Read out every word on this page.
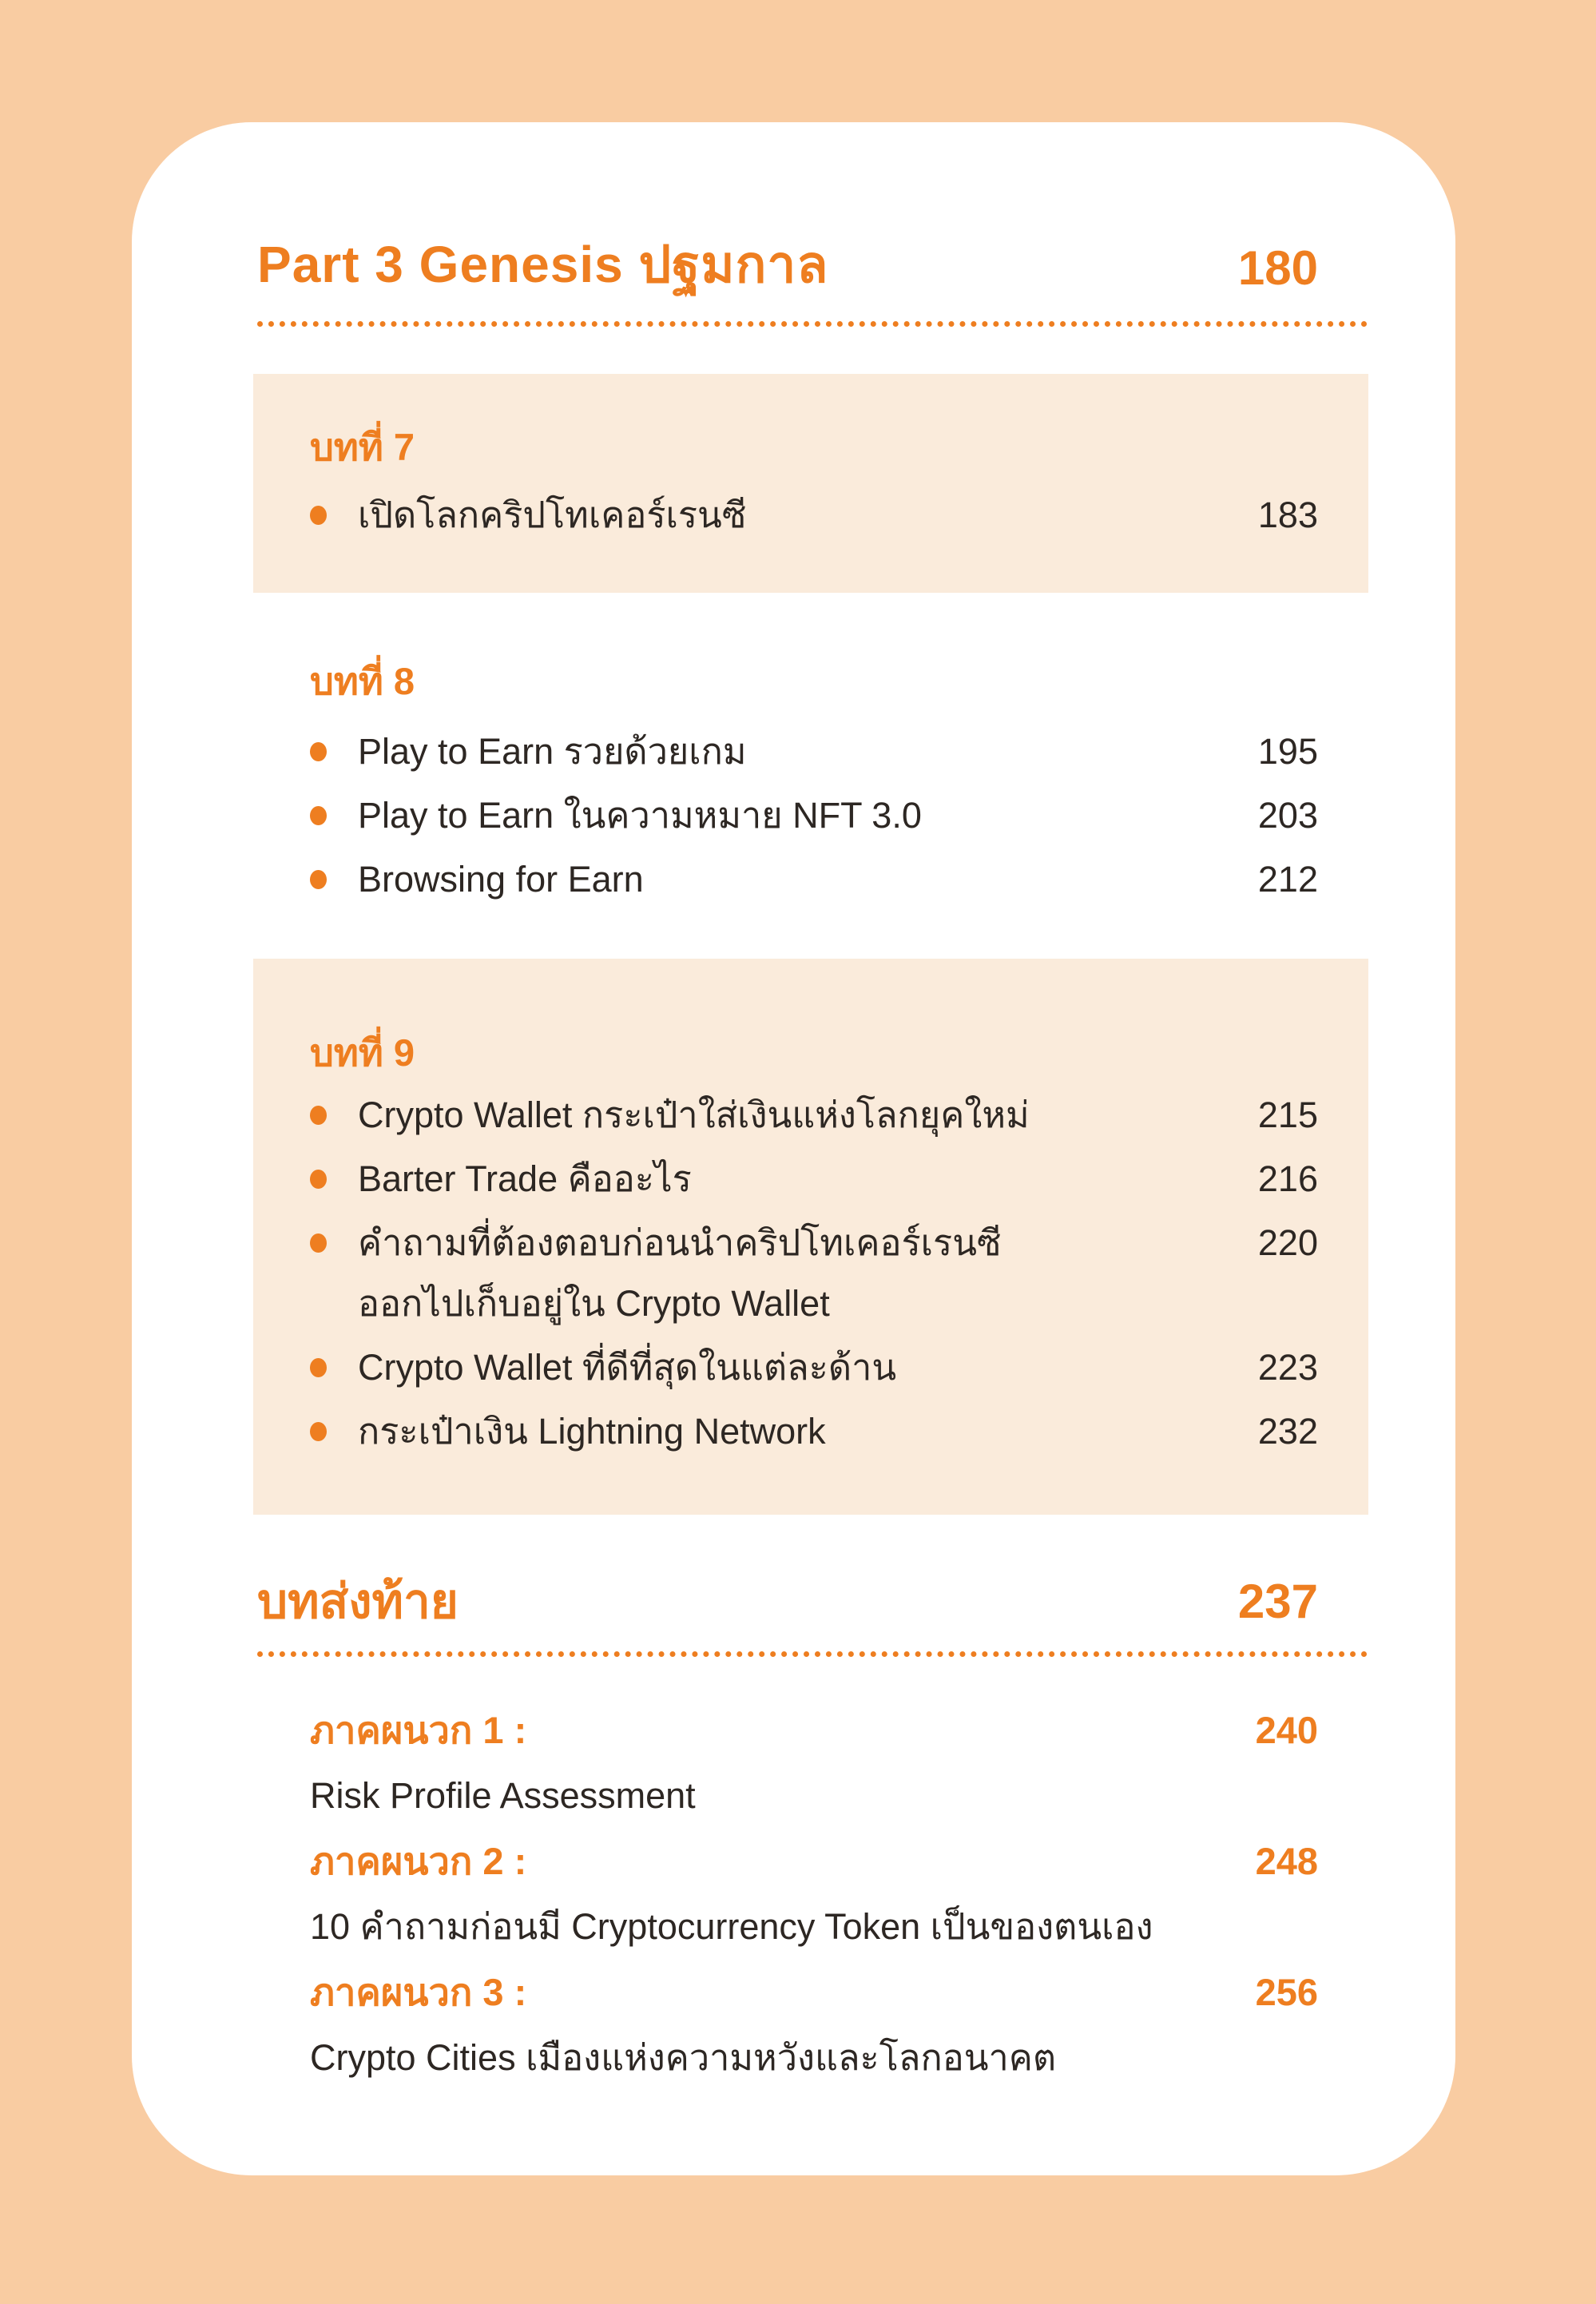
Part 3 Genesis ปฐมกาล	180
บทที่ 7
เปิดโลกคริปโทเคอร์เรนซี	183
บทที่ 8
Play to Earn รวยด้วยเกม	195
Play to Earn ในความหมาย NFT 3.0	203
Browsing for Earn	212
บทที่ 9
Crypto Wallet กระเป๋าใส่เงินแห่งโลกยุคใหม่	215
Barter Trade คืออะไร	216
คำถามที่ต้องตอบก่อนนำคริปโทเคอร์เรนซี	220
ออกไปเก็บอยู่ใน Crypto Wallet
Crypto Wallet ที่ดีที่สุดในแต่ละด้าน	223
กระเป๋าเงิน Lightning Network	232
บทส่งท้าย	237
ภาคผนวก 1 :	240
Risk Profile Assessment
ภาคผนวก 2 :	248
10 คำถามก่อนมี Cryptocurrency Token เป็นของตนเอง
ภาคผนวก 3 :	256
Crypto Cities เมืองแห่งความหวังและโลกอนาคต
